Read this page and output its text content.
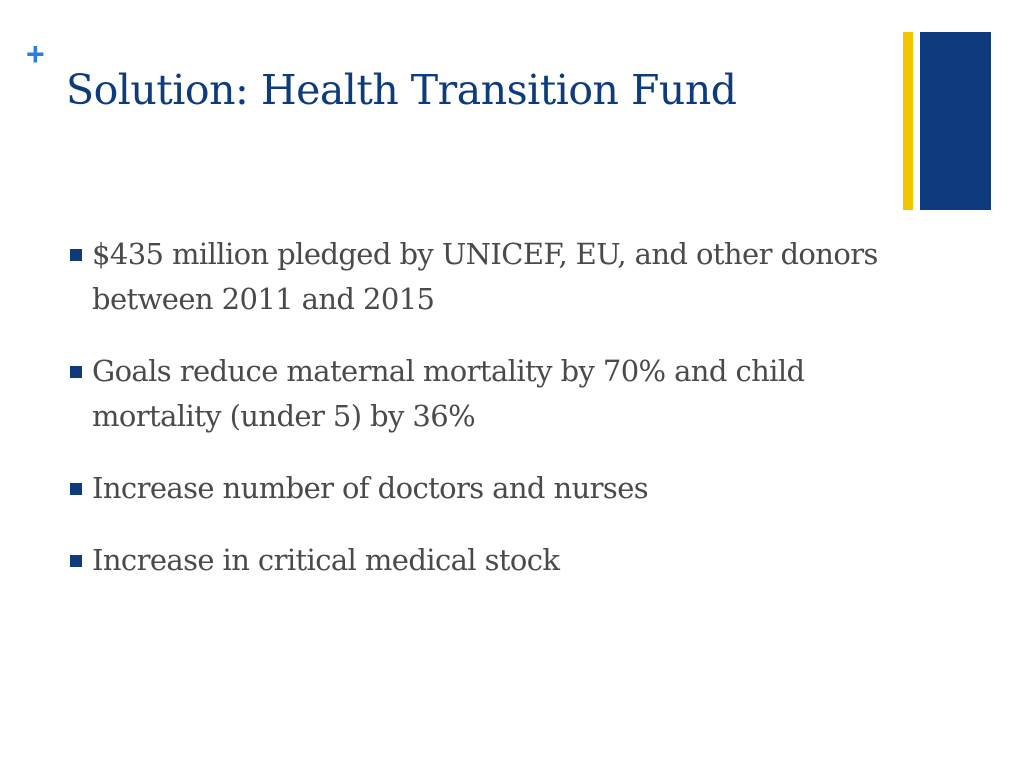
+
Solution: Health Transition Fund
$435 million pledged by UNICEF, EU, and other donors between 2011 and 2015
Goals reduce maternal mortality by 70% and child mortality (under 5) by 36%
Increase number of doctors and nurses
Increase in critical medical stock
